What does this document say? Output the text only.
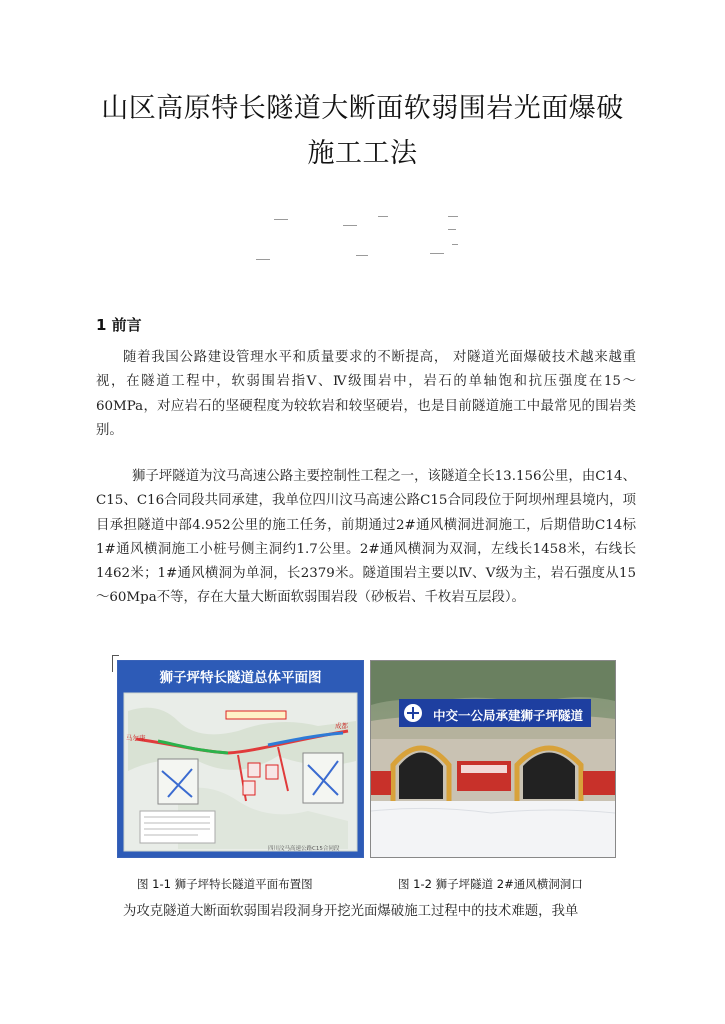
山区高原特长隧道大断面软弱围岩光面爆破
施工工法
1 前言
随着我国公路建设管理水平和质量要求的不断提高， 对隧道光面爆破技术越来越重视，在隧道工程中，软弱围岩指Ⅴ、Ⅳ级围岩中，岩石的单轴饱和抗压强度在15～60MPa，对应岩石的坚硬程度为较软岩和较坚硬岩，也是目前隧道施工中最常见的围岩类别。
狮子坪隧道为汶马高速公路主要控制性工程之一，该隧道全长13.156公里，由C14、C15、C16合同段共同承建，我单位四川汶马高速公路C15合同段位于阿坝州理县境内，项目承担隧道中部4.952公里的施工任务，前期通过2#通风横洞进洞施工，后期借助C14标1#通风横洞施工小桩号侧主洞约1.7公里。2#通风横洞为双洞，左线长1458米，右线长1462米；1#通风横洞为单洞，长2379米。隧道围岩主要以Ⅳ、Ⅴ级为主，岩石强度从15～60Mpa不等，存在大量大断面软弱围岩段（砂板岩、千枚岩互层段）。
狮子坪特长隧道总体平面图
马尔康
成都
四川汶马高速公路C15合同段
中交一公局承建狮子坪隧道
图 1-1 狮子坪特长隧道平面布置图	图 1-2 狮子坪隧道 2#通风横洞洞口
为攻克隧道大断面软弱围岩段洞身开挖光面爆破施工过程中的技术难题，我单
